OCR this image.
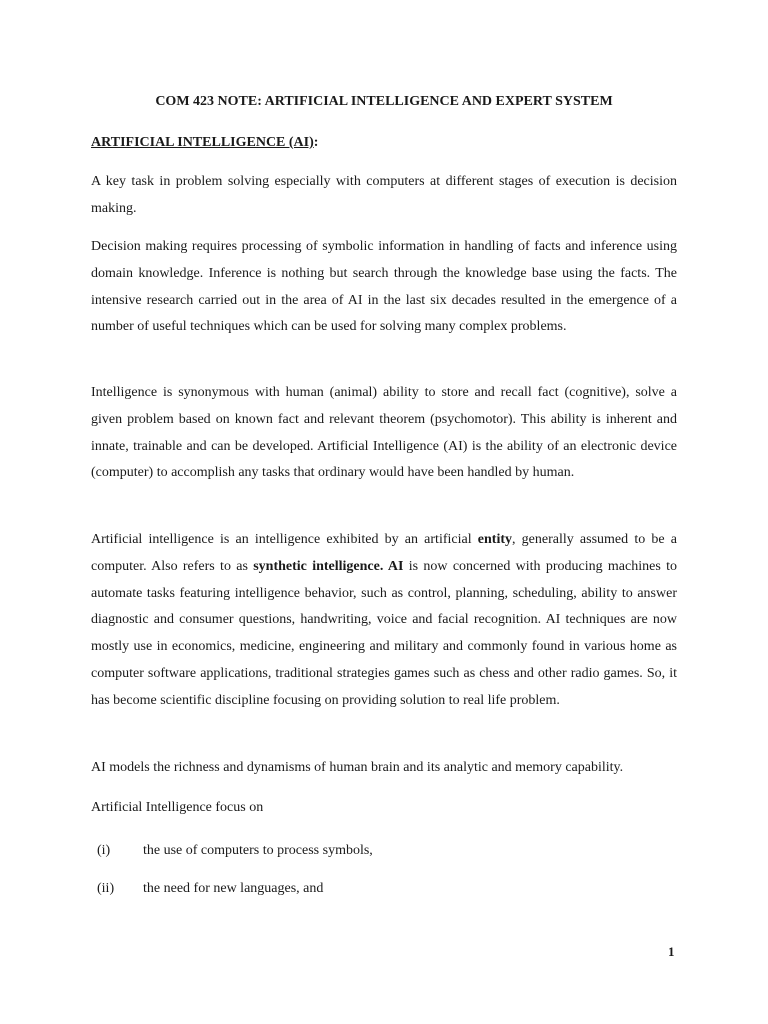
COM 423 NOTE: ARTIFICIAL INTELLIGENCE AND EXPERT SYSTEM
ARTIFICIAL INTELLIGENCE (AI):

A key task in problem solving especially with computers at different stages of execution is decision making.

Decision making requires processing of symbolic information in handling of facts and inference using domain knowledge. Inference is nothing but search through the knowledge base using the facts. The intensive research carried out in the area of AI in the last six decades resulted in the emergence of a number of useful techniques which can be used for solving many complex problems.

Intelligence is synonymous with human (animal) ability to store and recall fact (cognitive), solve a given problem based on known fact and relevant theorem (psychomotor). This ability is inherent and innate, trainable and can be developed. Artificial Intelligence (AI) is the ability of an electronic device (computer) to accomplish any tasks that ordinary would have been handled by human.

Artificial intelligence is an intelligence exhibited by an artificial entity, generally assumed to be a computer. Also refers to as synthetic intelligence. AI is now concerned with producing machines to automate tasks featuring intelligence behavior, such as control, planning, scheduling, ability to answer diagnostic and consumer questions, handwriting, voice and facial recognition. AI techniques are now mostly use in economics, medicine, engineering and military and commonly found in various home as computer software applications, traditional strategies games such as chess and other radio games. So, it has become scientific discipline focusing on providing solution to real life problem.

AI models the richness and dynamisms of human brain and its analytic and memory capability.

Artificial Intelligence focus on

(i) the use of computers to process symbols,
(ii) the need for new languages, and
1
